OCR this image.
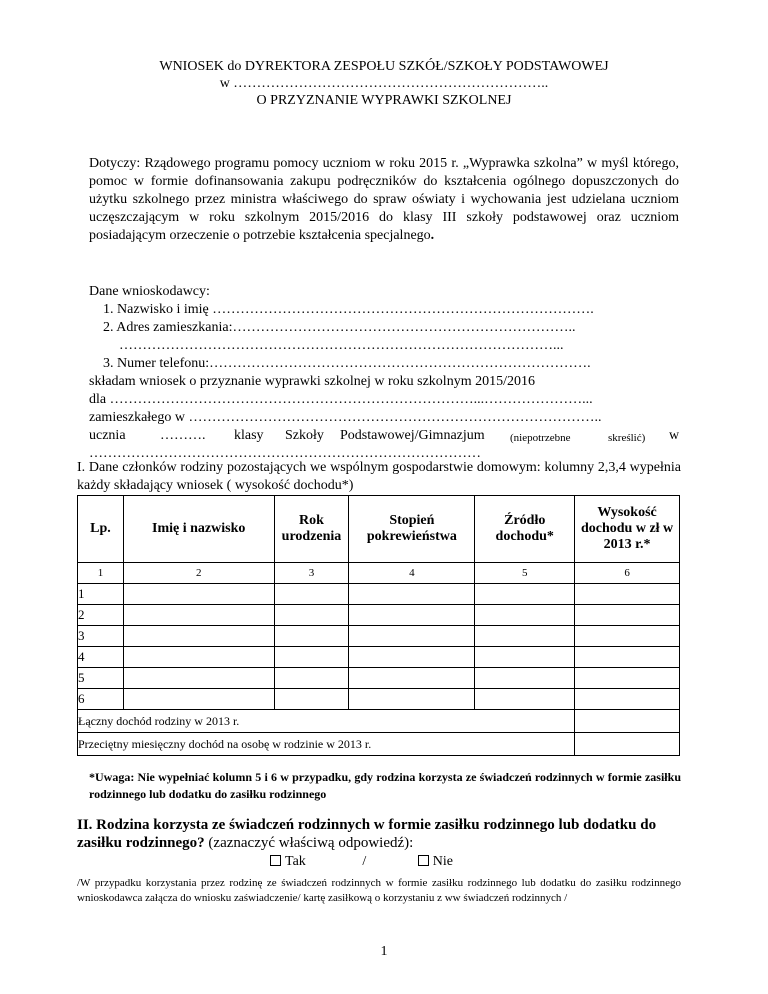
WNIOSEK do DYREKTORA ZESPOŁU SZKÓŁ/SZKOŁY PODSTAWOWEJ
w …………………………………………………………..
O PRZYZNANIE WYPRAWKI SZKOLNEJ
Dotyczy: Rządowego programu pomocy uczniom w roku 2015 r. „Wyprawka szkolna” w myśl którego, pomoc w formie dofinansowania zakupu podręczników do kształcenia ogólnego dopuszczonych do użytku szkolnego przez ministra właściwego do spraw oświaty i wychowania jest udzielana uczniom uczęszczającym w roku szkolnym 2015/2016 do klasy III szkoły podstawowej oraz uczniom posiadającym orzeczenie o potrzebie kształcenia specjalnego.
Dane wnioskodawcy:
1. Nazwisko i imię ……………………………………………………………………….
2. Adres zamieszkania:………………………………………………………………..
…………………………………………………………………………………...
3. Numer telefonu:……………………………………………………………………….
składam wniosek o przyznanie wyprawki szkolnej w roku szkolnym 2015/2016
dla ……………………………………………………………………...…………………...
zamieszkałego w ……………………………………………………………………………..
ucznia ………. klasy Szkoły Podstawowej/Gimnazjum (niepotrzebne	skreślić) w
…………………………………………………………………………
I. Dane członków rodziny pozostających we wspólnym gospodarstwie domowym: kolumny 2,3,4 wypełnia każdy składający wniosek ( wysokość dochodu*)
Lp.	Imię i nazwisko	Rok urodzenia	Stopień pokrewieństwa	Źródło dochodu*	Wysokość dochodu w zł w 2013 r.*
1	2	3	4	5	6
1					
2					
3					
4					
5					
6					
Łączny dochód rodziny w 2013 r.					
Przeciętny miesięczny dochód na osobę w rodzinie w 2013 r.					
*Uwaga: Nie wypełniać kolumn 5 i 6 w przypadku, gdy rodzina korzysta ze świadczeń rodzinnych w formie zasiłku rodzinnego lub dodatku do zasiłku rodzinnego
II. Rodzina korzysta ze świadczeń rodzinnych w formie zasiłku rodzinnego lub dodatku do zasiłku rodzinnego? (zaznaczyć właściwą odpowiedź):
Tak	/	Nie
/W przypadku korzystania przez rodzinę ze świadczeń rodzinnych w formie zasiłku rodzinnego lub dodatku do zasiłku rodzinnego wnioskodawca załącza do wniosku zaświadczenie/ kartę zasiłkową o korzystaniu z ww świadczeń rodzinnych /
1
